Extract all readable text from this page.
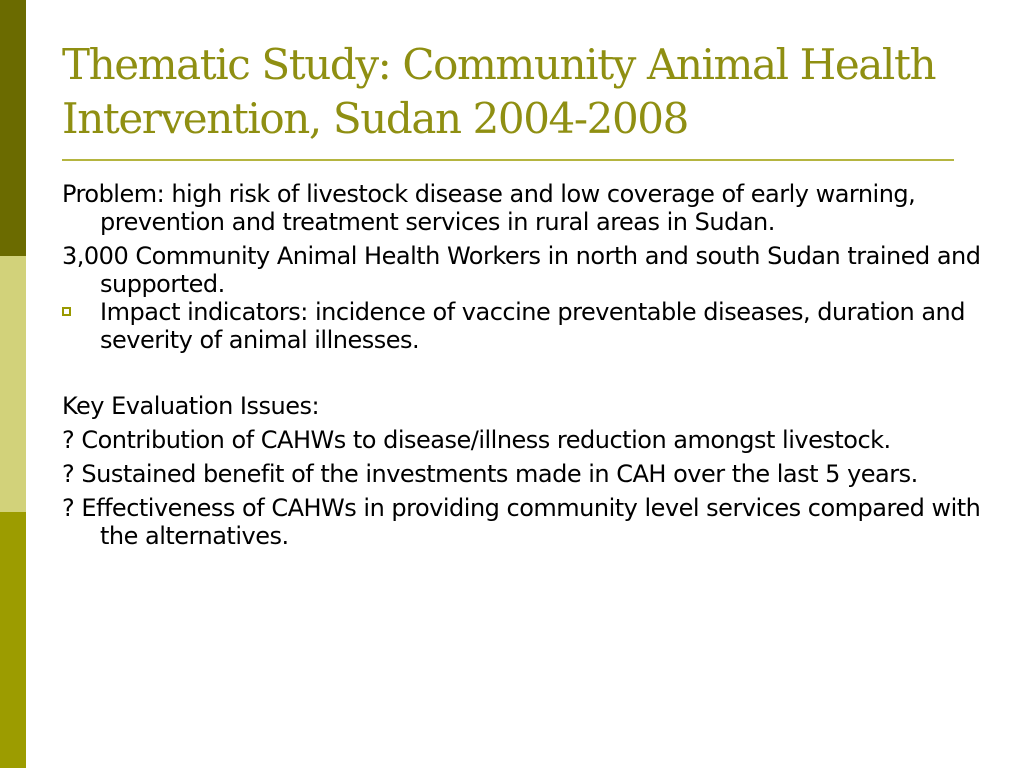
Thematic Study: Community Animal Health
Intervention, Sudan 2004-2008

Problem: high risk of livestock disease and low coverage of early warning, prevention and treatment services in rural areas in Sudan.

3,000 Community Animal Health Workers in north and south Sudan trained and supported.

Impact indicators: incidence of vaccine preventable diseases, duration and severity of animal illnesses.

Key Evaluation Issues:

? Contribution of CAHWs to disease/illness reduction amongst livestock.

? Sustained benefit of the investments made in CAH over the last 5 years.

? Effectiveness of CAHWs in providing community level services compared with the alternatives.
